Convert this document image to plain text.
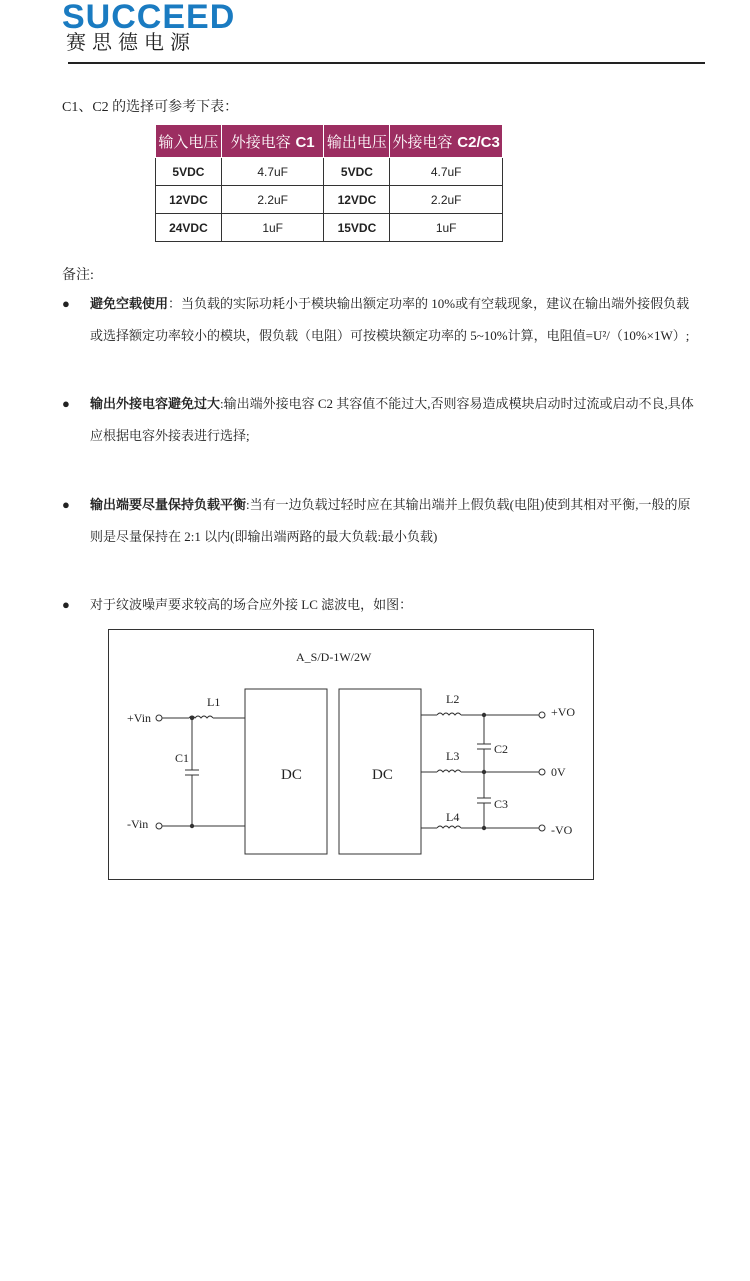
SUCCEED
赛思德电源
C1、C2 的选择可参考下表：
输入电压	外接电容 C1	输出电压	外接电容 C2/C3
5VDC	4.7uF	5VDC	4.7uF
12VDC	2.2uF	12VDC	2.2uF
24VDC	1uF	15VDC	1uF
备注:
● 避免空载使用：当负载的实际功耗小于模块输出额定功率的 10%或有空载现象，建议在输出端外接假负载或选择额定功率较小的模块，假负载（电阻）可按模块额定功率的 5~10%计算，电阻值=U²/（10%×1W）;
● 输出外接电容避免过大:输出端外接电容 C2 其容值不能过大,否则容易造成模块启动时过流或启动不良,具体应根据电容外接表进行选择;
● 输出端要尽量保持负载平衡:当有一边负载过轻时应在其输出端并上假负载(电阻)使到其相对平衡,一般的原则是尽量保持在 2:1 以内(即输出端两路的最大负载:最小负载)
● 对于纹波噪声要求较高的场合应外接 LC 滤波电，如图：
A_S/D-1W/2W
+Vin
-Vin
L1
C1
DC	DC
L2
L3
L4
C2
C3
+VO
0V
-VO
